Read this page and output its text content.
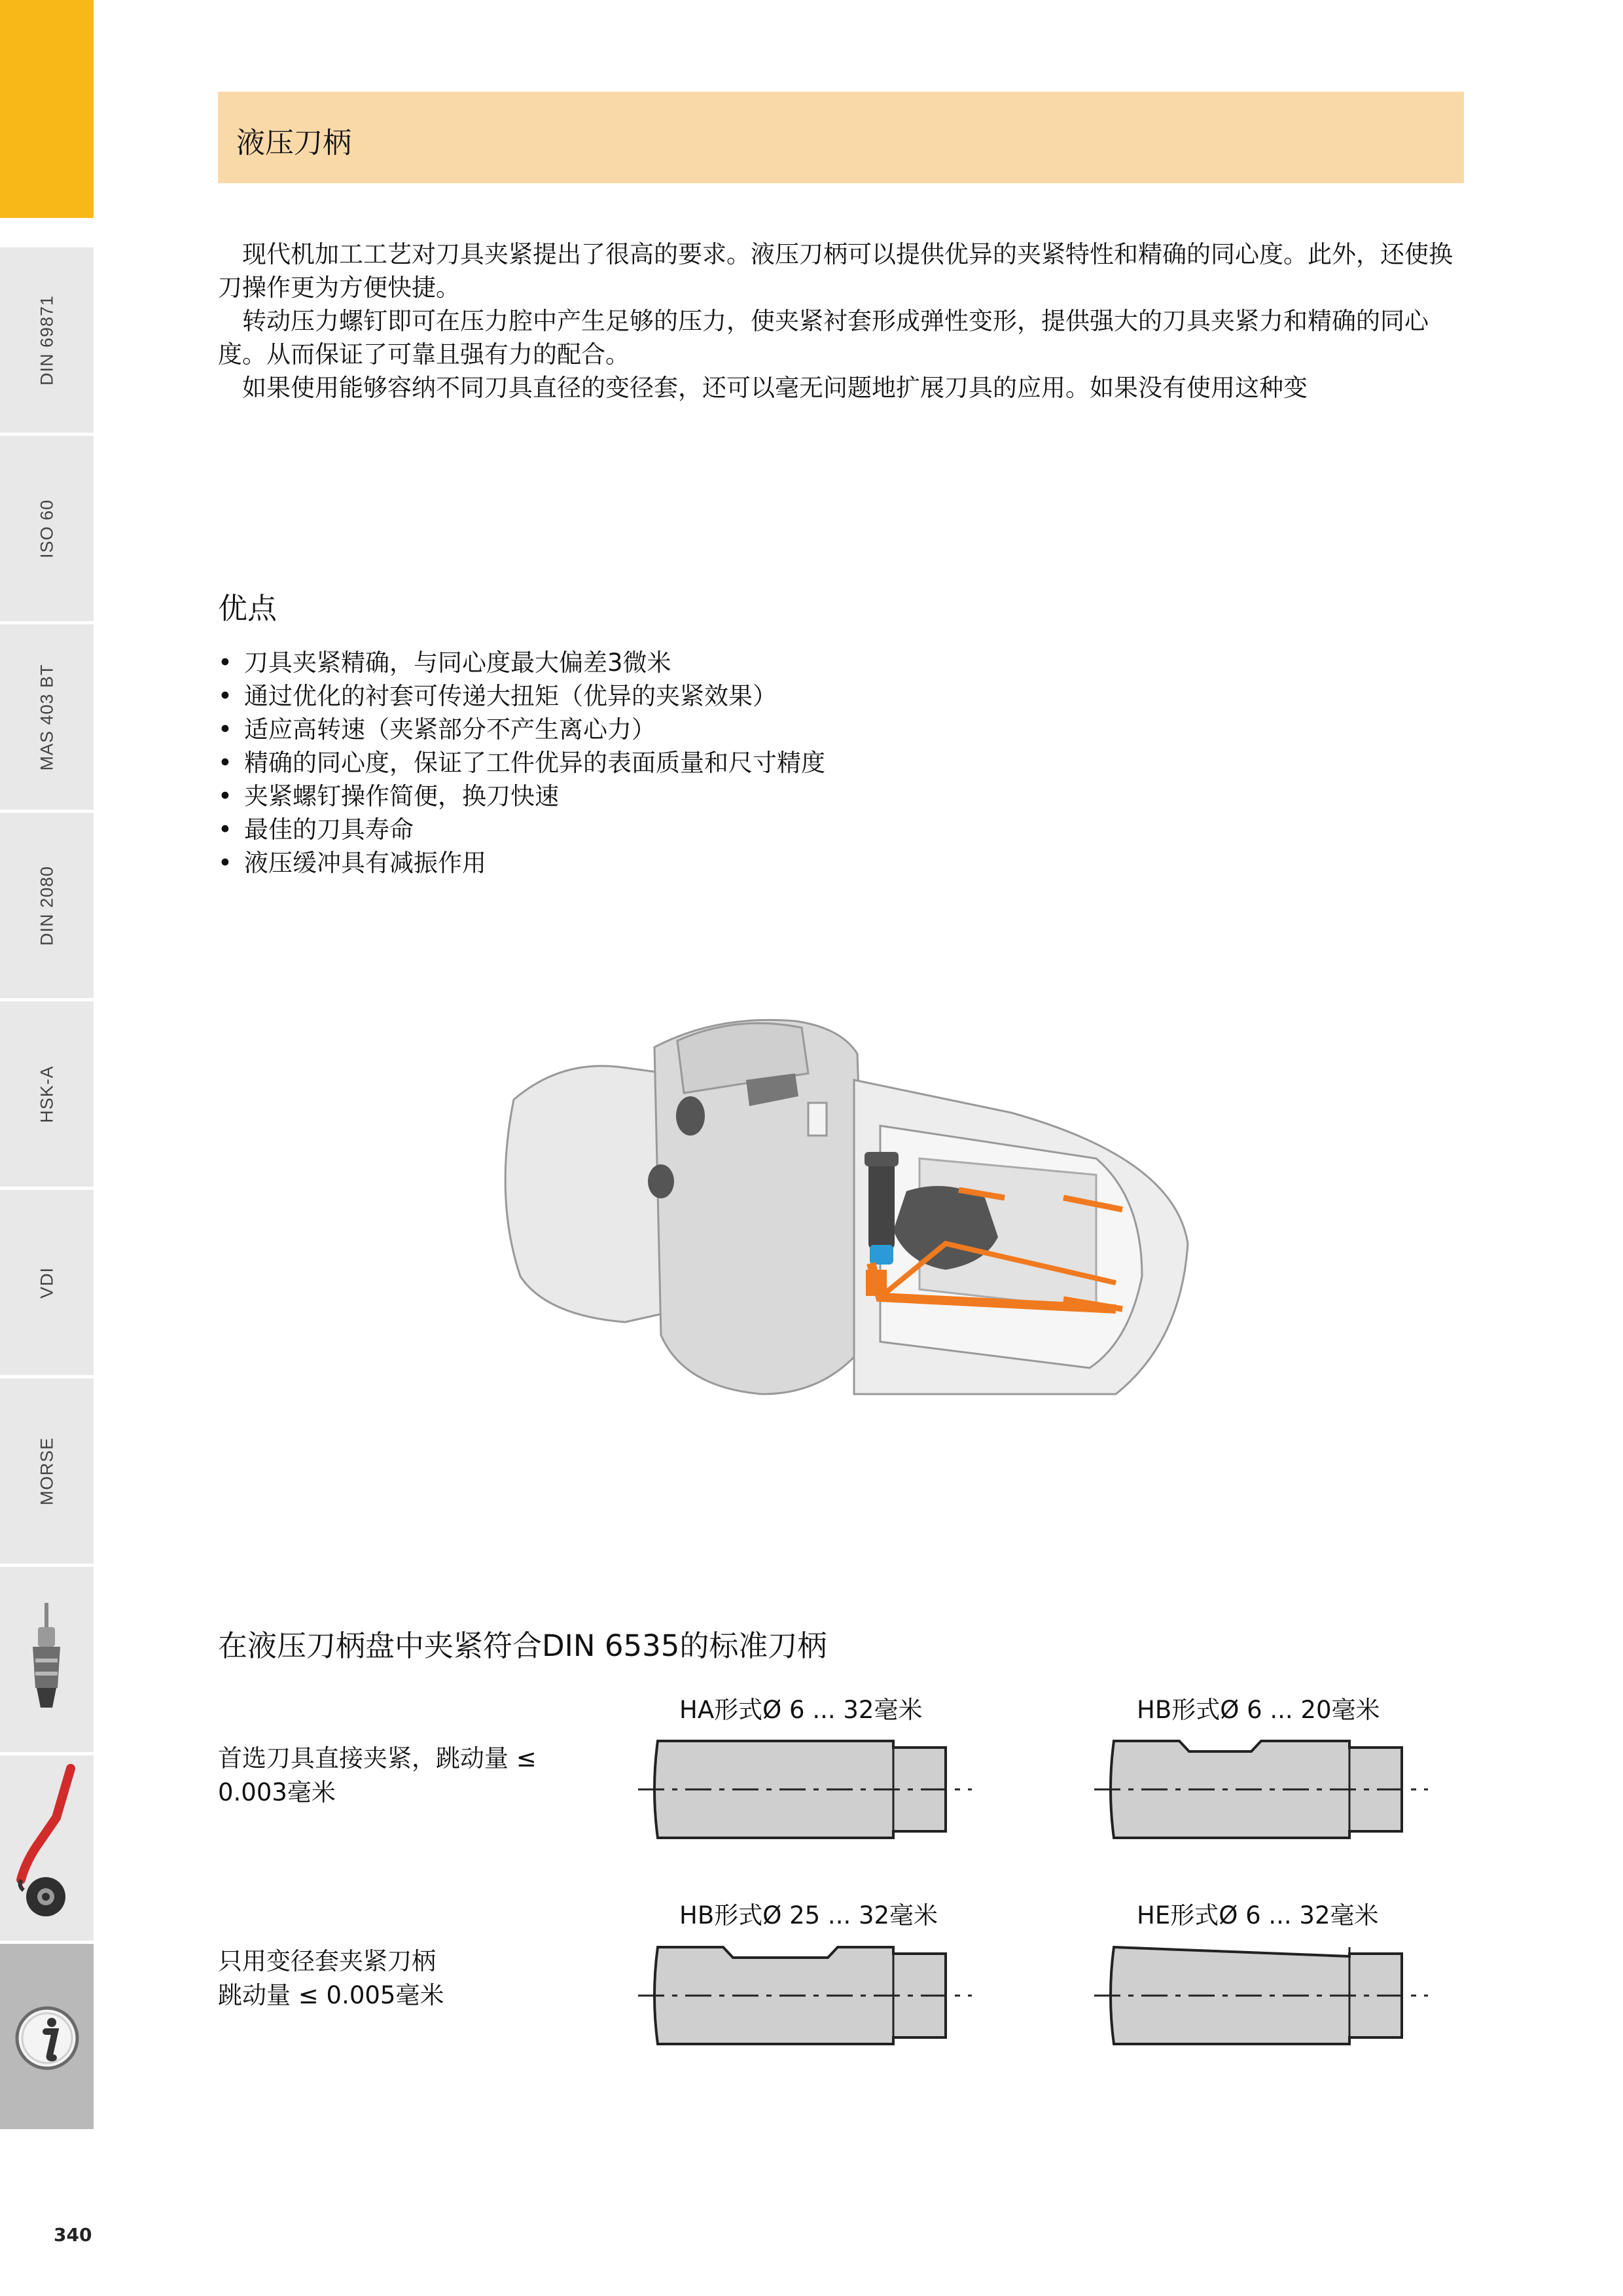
DIN 69871
ISO 60
MAS 403 BT
DIN 2080
HSK-A
VDI
MORSE
340
液压刀柄

现代机加工工艺对刀具夹紧提出了很高的要求。液压刀柄可以提供优异的夹紧特性和精确的同心度。此外，还使换刀操作更为方便快捷。

转动压力螺钉即可在压力腔中产生足够的压力，使夹紧衬套形成弹性变形，提供强大的刀具夹紧力和精确的同心度。从而保证了可靠且强有力的配合。

如果使用能够容纳不同刀具直径的变径套，还可以毫无问题地扩展刀具的应用。如果没有使用这种变

优点
• 刀具夹紧精确，与同心度最大偏差3微米
• 通过优化的衬套可传递大扭矩（优异的夹紧效果）
• 适应高转速（夹紧部分不产生离心力）
• 精确的同心度，保证了工件优异的表面质量和尺寸精度
• 夹紧螺钉操作简便，换刀快速
• 最佳的刀具寿命
• 液压缓冲具有减振作用
在液压刀柄盘中夹紧符合DIN 6535的标准刀柄
首选刀具直接夹紧，跳动量 ≤
0.003毫米
HA形式Ø 6 ... 32毫米	HB形式Ø 6 ... 20毫米
只用变径套夹紧刀柄
跳动量 ≤ 0.005毫米
HB形式Ø 25 ... 32毫米	HE形式Ø 6 ... 32毫米
